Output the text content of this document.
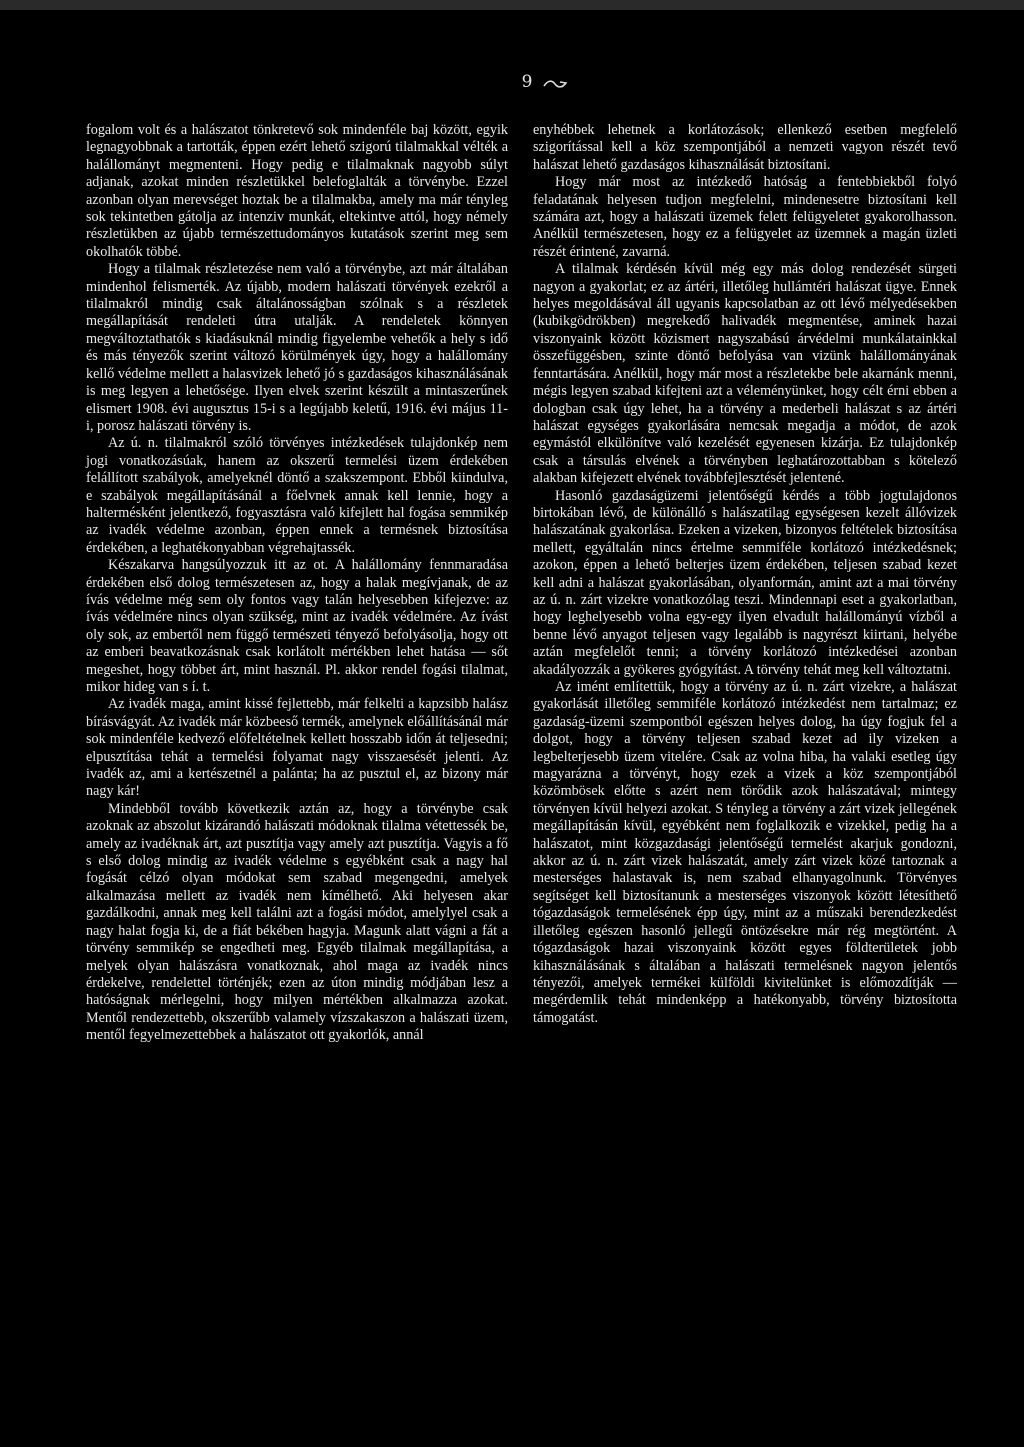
9

fogalom volt és a halászatot tönkretevő sok mindenféle baj között, egyik legnagyobbnak a tartották, éppen ezért lehető szigorú tilalmakkal vélték a halállományt megmenteni. Hogy pedig e tilalmaknak nagyobb súlyt adjanak, azokat minden részletükkel belefoglalták a törvénybe. Ezzel azonban olyan merevséget hoztak be a tilalmakba, amely ma már tényleg sok tekintetben gátolja az intenziv munkát, eltekintve attól, hogy némely részletükben az újabb természettudományos kutatások szerint meg sem okolhatók többé.

Hogy a tilalmak részletezése nem való a törvénybe, azt már általában mindenhol felismerték. Az újabb, modern halászati törvények ezekről a tilalmakról mindig csak általánosságban szólnak s a részletek megállapítását rendeleti útra utalják. A rendeletek könnyen megváltoztathatók s kiadásuknál mindig figyelembe vehetők a hely s idő és más tényezők szerint változó körülmények úgy, hogy a halállomány kellő védelme mellett a halasvizek lehető jó s gazdaságos kihasználásának is meg legyen a lehetősége. Ilyen elvek szerint készült a mintaszerűnek elismert 1908. évi augusztus 15-i s a legújabb keletű, 1916. évi május 11-i, porosz halászati törvény is.

Az ú. n. tilalmakról szóló törvényes intézkedések tulajdonkép nem jogi vonatkozásúak, hanem az okszerű termelési üzem érdekében felállított szabályok, amelyeknél döntő a szakszempont. Ebből kiindulva, e szabályok megállapításánál a főelvnek annak kell lennie, hogy a haltermésként jelentkező, fogyasztásra való kifejlett hal fogása semmikép az ivadék védelme azonban, éppen ennek a termésnek biztosítása érdekében, a leghatékonyabban végrehajtassék.

Készakarva hangsúlyozzuk itt az ot. A halállomány fennmaradása érdekében első dolog természetesen az, hogy a halak megívjanak, de az ívás védelme még sem oly fontos vagy talán helyesebben kifejezve: az ívás védelmére nincs olyan szükség, mint az ivadék védelmére. Az ívást oly sok, az embertől nem függő természeti tényező befolyásolja, hogy ott az emberi beavatkozásnak csak korlátolt mértékben lehet hatása — sőt megeshet, hogy többet árt, mint használ. Pl. akkor rendel fogási tilalmat, mikor hideg van s í. t.

Az ivadék maga, amint kissé fejlettebb, már felkelti a kapzsibb halász bírásvágyát. Az ivadék már közbeeső termék, amelynek előállításánál már sok mindenféle kedvező előfeltételnek kellett hosszabb időn át teljesedni; elpusztítása tehát a termelési folyamat nagy visszaesését jelenti. Az ivadék az, ami a kertészetnél a palánta; ha az pusztul el, az bizony már nagy kár!

Mindebből tovább következik aztán az, hogy a törvénybe csak azoknak az abszolut kizárandó halászati módoknak tilalma vétettessék be, amely az ivadéknak árt, azt pusztítja vagy amely azt pusztítja. Vagyis a fő s első dolog mindig az ivadék védelme s egyébként csak a nagy hal fogását célzó olyan módokat sem szabad megengedni, amelyek alkalmazása mellett az ivadék nem kímélhető. Aki helyesen akar gazdálkodni, annak meg kell találni azt a fogási módot, amelylyel csak a nagy halat fogja ki, de a fiát békében hagyja. Magunk alatt vágni a fát a törvény semmikép se engedheti meg. Egyéb tilalmak megállapítása, a melyek olyan halászásra vonatkoznak, ahol maga az ivadék nincs érdekelve, rendelettel történjék; ezen az úton mindig módjában lesz a hatóságnak mérlegelni, hogy milyen mértékben alkalmazza azokat. Mentől rendezettebb, okszerűbb valamely vízszakaszon a halászati üzem, mentől fegyelmezettebbek a halászatot ott gyakorlók, annál

enyhébbek lehetnek a korlátozások; ellenkező esetben megfelelő szigorítással kell a köz szempontjából a nemzeti vagyon részét tevő halászat lehető gazdaságos kihasználását biztosítani.

Hogy már most az intézkedő hatóság a fentebbiekből folyó feladatának helyesen tudjon megfelelni, mindenesetre biztosítani kell számára azt, hogy a halászati üzemek felett felügyeletet gyakorolhasson. Anélkül természetesen, hogy ez a felügyelet az üzemnek a magán üzleti részét érintené, zavarná.

A tilalmak kérdésén kívül még egy más dolog rendezését sürgeti nagyon a gyakorlat; ez az ártéri, illetőleg hullámtéri halászat ügye. Ennek helyes megoldásával áll ugyanis kapcsolatban az ott lévő mélyedésekben (kubikgödrökben) megrekedő halivadék megmentése, aminek hazai viszonyaink között közismert nagyszabású árvédelmi munkálatainkkal összefüggésben, szinte döntő befolyása van vizünk halállományának fenntartására. Anélkül, hogy már most a részletekbe bele akarnánk menni, mégis legyen szabad kifejteni azt a véleményünket, hogy célt érni ebben a dologban csak úgy lehet, ha a törvény a mederbeli halászat s az ártéri halászat egységes gyakorlására nemcsak megadja a módot, de azok egymástól elkülönítve való kezelését egyenesen kizárja. Ez tulajdonkép csak a társulás elvének a törvényben leghatározottabban s kötelező alakban kifejezett elvének továbbfejlesztését jelentené.

Hasonló gazdaságüzemi jelentőségű kérdés a több jogtulajdonos birtokában lévő, de különálló s halászatilag egységesen kezelt állóvizek halászatának gyakorlása. Ezeken a vizeken, bizonyos feltételek biztosítása mellett, egyáltalán nincs értelme semmiféle korlátozó intézkedésnek; azokon, éppen a lehető belterjes üzem érdekében, teljesen szabad kezet kell adni a halászat gyakorlásában, olyanformán, amint azt a mai törvény az ú. n. zárt vizekre vonatkozólag teszi. Mindennapi eset a gyakorlatban, hogy leghelyesebb volna egy-egy ilyen elvadult halállományú vízből a benne lévő anyagot teljesen vagy legalább is nagyrészt kiirtani, helyébe aztán megfelelőt tenni; a törvény korlátozó intézkedései azonban akadályozzák a gyökeres gyógyítást. A törvény tehát meg kell változtatni.

Az imént említettük, hogy a törvény az ú. n. zárt vizekre, a halászat gyakorlását illetőleg semmiféle korlátozó intézkedést nem tartalmaz; ez gazdaság-üzemi szempontból egészen helyes dolog, ha úgy fogjuk fel a dolgot, hogy a törvény teljesen szabad kezet ad ily vizeken a legbelterjesebb üzem vitelére. Csak az volna hiba, ha valaki esetleg úgy magyarázna a törvényt, hogy ezek a vizek a köz szempontjából közömbösek előtte s azért nem törődik azok halászatával; mintegy törvényen kívül helyezi azokat. S tényleg a törvény a zárt vizek jellegének megállapításán kívül, egyébként nem foglalkozik e vizekkel, pedig ha a halászatot, mint közgazdasági jelentőségű termelést akarjuk gondozni, akkor az ú. n. zárt vizek halászatát, amely zárt vizek közé tartoznak a mesterséges halastavak is, nem szabad elhanyagolnunk. Törvényes segítséget kell biztosítanunk a mesterséges viszonyok között létesíthető tógazdaságok termelésének épp úgy, mint az a műszaki berendezkedést illetőleg egészen hasonló jellegű öntözésekre már rég megtörtént. A tógazdaságok hazai viszonyaink között egyes földterületek jobb kihasználásának s általában a halászati termelésnek nagyon jelentős tényezői, amelyek termékei külföldi kivitelünket is előmozdítják — megérdemlik tehát mindenképp a hatékonyabb, törvény biztosította támogatást.
